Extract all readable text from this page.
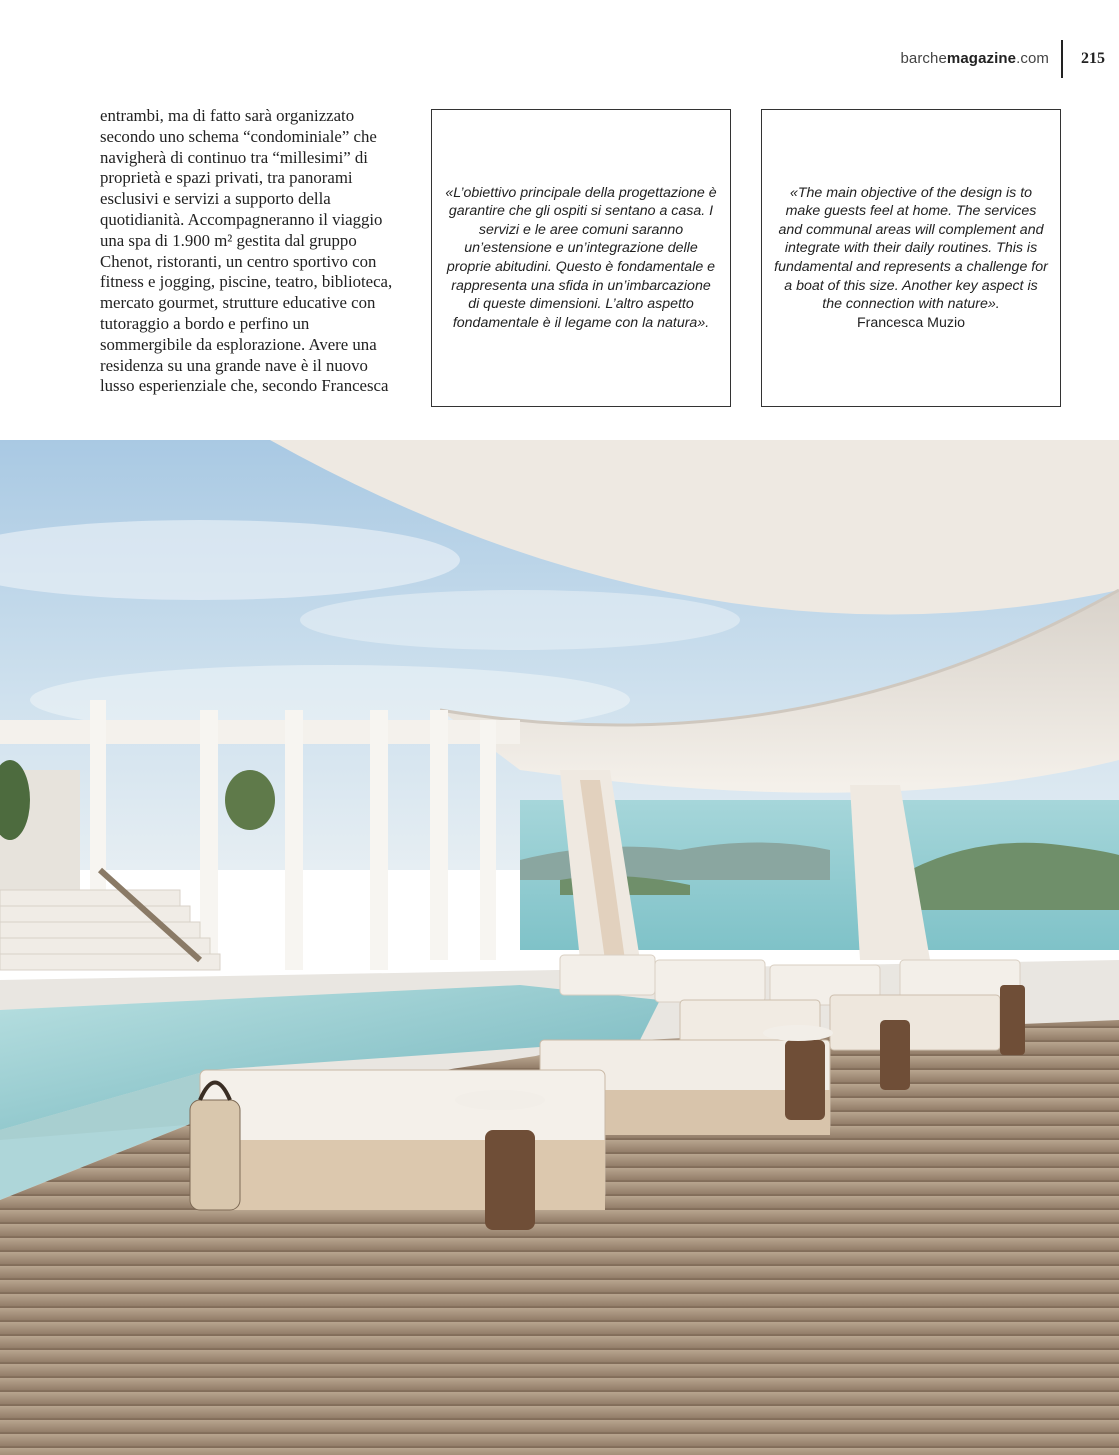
barchemagazine.com 215

entrambi, ma di fatto sarà organizzato secondo uno schema “condominiale” che navigherà di continuo tra “millesimi” di proprietà e spazi privati, tra panorami esclusivi e servizi a supporto della quotidianità. Accompagneranno il viaggio una spa di 1.900 m² gestita dal gruppo Chenot, ristoranti, un centro sportivo con fitness e jogging, piscine, teatro, biblioteca, mercato gourmet, strutture educative con tutoraggio a bordo e perfino un sommergibile da esplorazione. Avere una residenza su una grande nave è il nuovo lusso esperienziale che, secondo Francesca

«L’obiettivo principale della progettazione è garantire che gli ospiti si sentano a casa. I servizi e le aree comuni saranno un’estensione e un’integrazione delle proprie abitudini. Questo è fondamentale e rappresenta una sfida in un’imbarcazione di queste dimensioni. L’altro aspetto fondamentale è il legame con la natura».
«The main objective of the design is to make guests feel at home. The services and communal areas will complement and integrate with their daily routines. This is fundamental and represents a challenge for a boat of this size. Another key aspect is the connection with nature».
Francesca Muzio
